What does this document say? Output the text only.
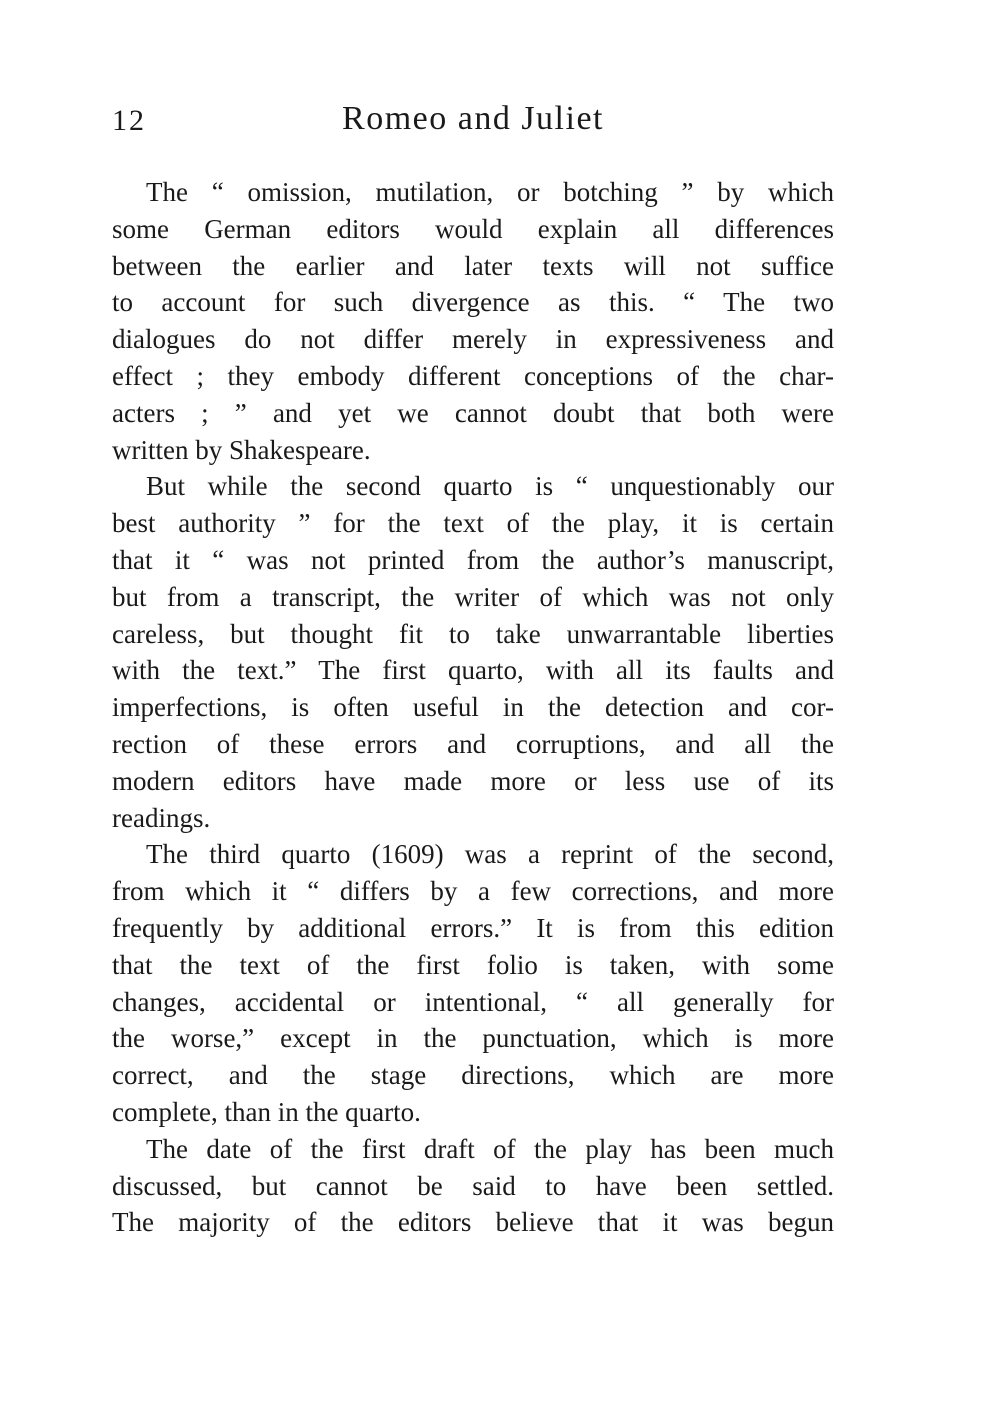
12	Romeo and Juliet
The “ omission, mutilation, or botching ” by which
some German editors would explain all differences
between the earlier and later texts will not suffice
to account for such divergence as this. “ The two
dialogues do not differ merely in expressiveness and
effect ; they embody different conceptions of the char-
acters ; ” and yet we cannot doubt that both were
written by Shakespeare.
But while the second quarto is “ unquestionably our
best authority ” for the text of the play, it is certain
that it “ was not printed from the author’s manuscript,
but from a transcript, the writer of which was not only
careless, but thought fit to take unwarrantable liberties
with the text.” The first quarto, with all its faults and
imperfections, is often useful in the detection and cor-
rection of these errors and corruptions, and all the
modern editors have made more or less use of its
readings.
The third quarto (1609) was a reprint of the second,
from which it “ differs by a few corrections, and more
frequently by additional errors.” It is from this edition
that the text of the first folio is taken, with some
changes, accidental or intentional, “ all generally for
the worse,” except in the punctuation, which is more
correct, and the stage directions, which are more
complete, than in the quarto.
The date of the first draft of the play has been much
discussed, but cannot be said to have been settled.
The majority of the editors believe that it was begun
